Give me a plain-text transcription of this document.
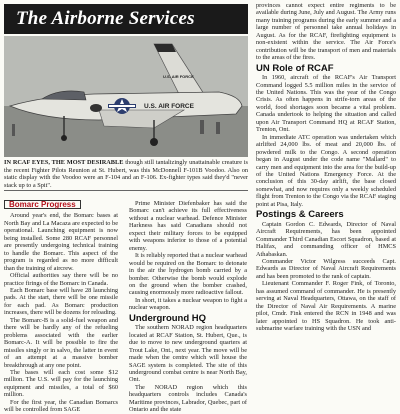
The Airborne Services
U.S. AIR FORCE
U.S. AIR FORCE
IN RCAF EYES, THE MOST DESIRABLE though still tantalizingly unattainable creature is the recent Fighter Pilots Reunion at St. Hubert, was this McDonnell F-101B Voodoo. Also on static display with the Voodoo were an F-104 and an F-106. Ex-fighter types said they'd "never stack up to a Spit".
Bomarc Progress

Around year's end, the Bomarc bases at North Bay and La Macaza are expected to be operational. Launching equipment is now being installed. Some 280 RCAF personnel are presently undergoing technical training to handle the Bomarc. This aspect of the program is regarded as no more difficult than the training of aircrew.

Official authorities say there will be no practice firings of the Bomarc in Canada.

Each Bomarc base will have 28 launching pads. At the start, there will be one missile for each pad. As Bomarc production increases, there will be dozens for reloading.

The Bomarc-B is a solid-fuel weapon and there will be hardly any of the refueling problems associated with the earlier Bomarc-A. It will be possible to fire the missiles singly or in salvo, the latter in event of an attempt at a massive bomber breakthrough at any one point.

The bases will each cost some $12 million. The U.S. will pay for the launching equipment and missiles, a total of $60 million.

For the first year, the Canadian Bomarcs will be controlled from SAGE

Prime Minister Diefenbaker has said the Bomarc can't achieve its full effectiveness without a nuclear warhead. Defence Minister Harkness has said Canadians should not expect their military forces to be equipped with weapons inferior to those of a potential enemy.

It is reliably reported that a nuclear warhead would be required on the Bomarc to detonate in the air the hydrogen bomb carried by a bomber. Otherwise the bomb would explode on the ground when the bomber crashed, causing enormously more radioactive fallout.

In short, it takes a nuclear weapon to fight a nuclear weapon.

Underground HQ

The southern NORAD region headquarters located at RCAF Station, St. Hubert, Que., is due to move to new underground quarters at Trout Lake, Ont., next year. The move will be made when the centre which will house the SAGE system is completed. The site of this underground combat centre is near North Bay, Ont.

The NORAD region which this headquarters controls includes Canada's Maritime provinces, Labrador, Quebec, part of Ontario and the state

provinces cannot expect entire regiments to be available during June, July and August. The Army runs many training programs during the early summer and a large number of personnel take annual holidays in August. As for the RCAF, firefighting equipment is non-existent within the service. The Air Force's contribution will be the transport of men and materials to the areas of the fires.

UN Role of RCAF

In 1960, aircraft of the RCAF's Air Transport Command logged 5.5 million miles in the service of the United Nations. This was the year of the Congo Crisis. As often happens in strife-torn areas of the world, food shortages soon became a vital problem. Canada undertook to helping the situation and called upon Air Transport Command HQ at RCAF Station, Trenton, Ont.

In immediate ATC operation was undertaken which airlifted 24,000 lbs. of meat and 20,000 lbs. of powdered milk to the Congo. A second operation began in August under the code name "Mallard" to carry men and equipment into the area for the build-up of the United Nations Emergency Force. At the conclusion of this 30-day airlift, the base closed somewhat, and now requires only a weekly scheduled flight from Trenton to the Congo via the RCAF staging point at Pisa, Italy.

Postings & Careers

Captain Gordon C. Edwards, Director of Naval Aircraft Requirements, has been appointed Commander Third Canadian Escort Squadron, based at Halifax, and commanding officer of HMCS Athabaskan.

Commander Victor Wilgress succeeds Capt. Edwards as Director of Naval Aircraft Requirements and has been promoted to the rank of captain.

Lieutenant Commander F. Roger Fink, of Toronto, has assumed command of commander. He is presently serving at Naval Headquarters, Ottawa, on the staff of the Director of Naval Air Requirements. A marine pilot, Cmdr. Fink entered the RCN in 1948 and was later appointed to HS Squadron. He took anti-submarine warfare training with the USN and
